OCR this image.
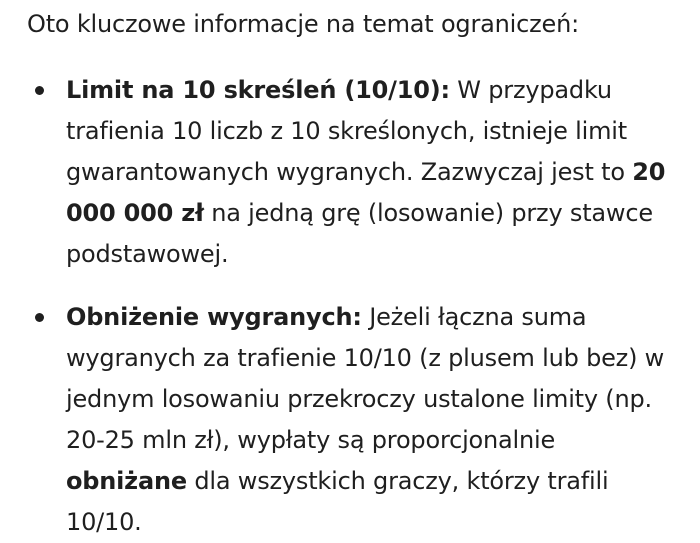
Oto kluczowe informacje na temat ograniczeń:

Limit na 10 skreśleń (10/10): W przypadku trafienia 10 liczb z 10 skreślonych, istnieje limit gwarantowanych wygranych. Zazwyczaj jest to 20 000 000 zł na jedną grę (losowanie) przy stawce podstawowej.
Obniżenie wygranych: Jeżeli łączna suma wygranych za trafienie 10/10 (z plusem lub bez) w jednym losowaniu przekroczy ustalone limity (np. 20-25 mln zł), wypłaty są proporcjonalnie obniżane dla wszystkich graczy, którzy trafili 10/10.
